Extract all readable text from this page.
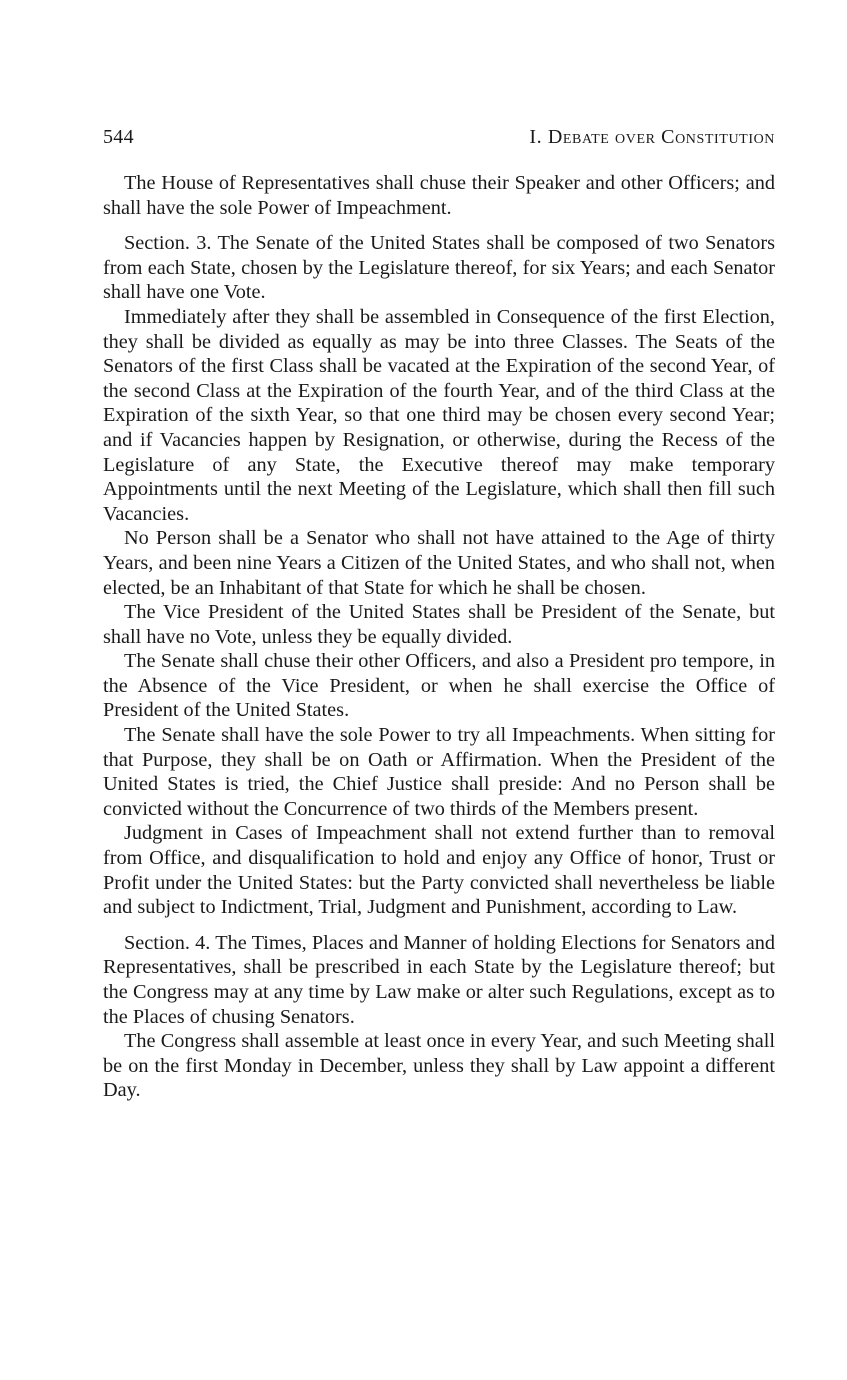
544	I. Debate over Constitution

The House of Representatives shall chuse their Speaker and other Officers; and shall have the sole Power of Impeachment.

Section. 3. The Senate of the United States shall be composed of two Senators from each State, chosen by the Legislature thereof, for six Years; and each Senator shall have one Vote.

Immediately after they shall be assembled in Consequence of the first Election, they shall be divided as equally as may be into three Classes. The Seats of the Senators of the first Class shall be vacated at the Expiration of the second Year, of the second Class at the Expiration of the fourth Year, and of the third Class at the Expiration of the sixth Year, so that one third may be chosen every second Year; and if Vacancies happen by Resignation, or otherwise, during the Recess of the Legislature of any State, the Executive thereof may make temporary Appointments until the next Meeting of the Legislature, which shall then fill such Vacancies.

No Person shall be a Senator who shall not have attained to the Age of thirty Years, and been nine Years a Citizen of the United States, and who shall not, when elected, be an Inhabitant of that State for which he shall be chosen.

The Vice President of the United States shall be President of the Senate, but shall have no Vote, unless they be equally divided.

The Senate shall chuse their other Officers, and also a President pro tempore, in the Absence of the Vice President, or when he shall exercise the Office of President of the United States.

The Senate shall have the sole Power to try all Impeachments. When sitting for that Purpose, they shall be on Oath or Affirmation. When the President of the United States is tried, the Chief Justice shall preside: And no Person shall be convicted without the Concurrence of two thirds of the Members present.

Judgment in Cases of Impeachment shall not extend further than to removal from Office, and disqualification to hold and enjoy any Office of honor, Trust or Profit under the United States: but the Party convicted shall nevertheless be liable and subject to Indictment, Trial, Judgment and Punishment, according to Law.

Section. 4. The Times, Places and Manner of holding Elections for Senators and Representatives, shall be prescribed in each State by the Legislature thereof; but the Congress may at any time by Law make or alter such Regulations, except as to the Places of chusing Senators.

The Congress shall assemble at least once in every Year, and such Meeting shall be on the first Monday in December, unless they shall by Law appoint a different Day.
